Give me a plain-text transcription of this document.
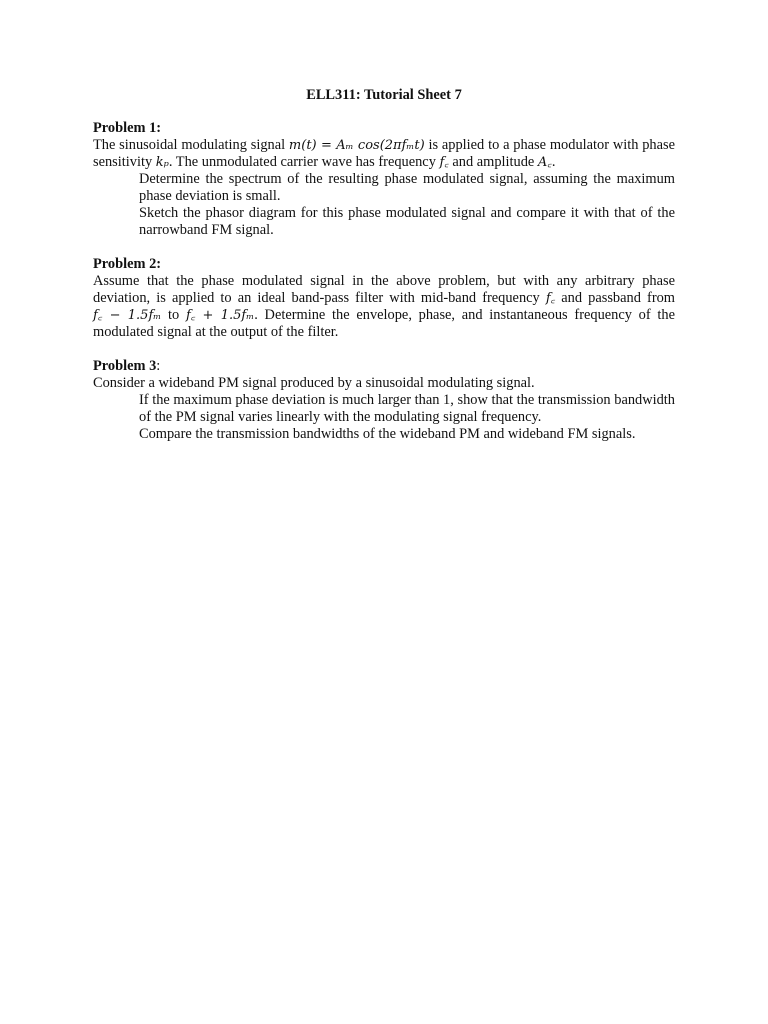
ELL311: Tutorial Sheet 7

Problem 1:

The sinusoidal modulating signal m(t) = Aₘ cos(2πfₘt) is applied to a phase modulator with phase sensitivity kₚ. The unmodulated carrier wave has frequency f꜀ and amplitude A꜀.

Determine the spectrum of the resulting phase modulated signal, assuming the maximum phase deviation is small.

Sketch the phasor diagram for this phase modulated signal and compare it with that of the narrowband FM signal.

Problem 2:

Assume that the phase modulated signal in the above problem, but with any arbitrary phase deviation, is applied to an ideal band-pass filter with mid-band frequency f꜀ and passband from f꜀ − 1.5fₘ to f꜀ + 1.5fₘ. Determine the envelope, phase, and instantaneous frequency of the modulated signal at the output of the filter.

Problem 3:

Consider a wideband PM signal produced by a sinusoidal modulating signal.

If the maximum phase deviation is much larger than 1, show that the transmission bandwidth of the PM signal varies linearly with the modulating signal frequency.

Compare the transmission bandwidths of the wideband PM and wideband FM signals.
